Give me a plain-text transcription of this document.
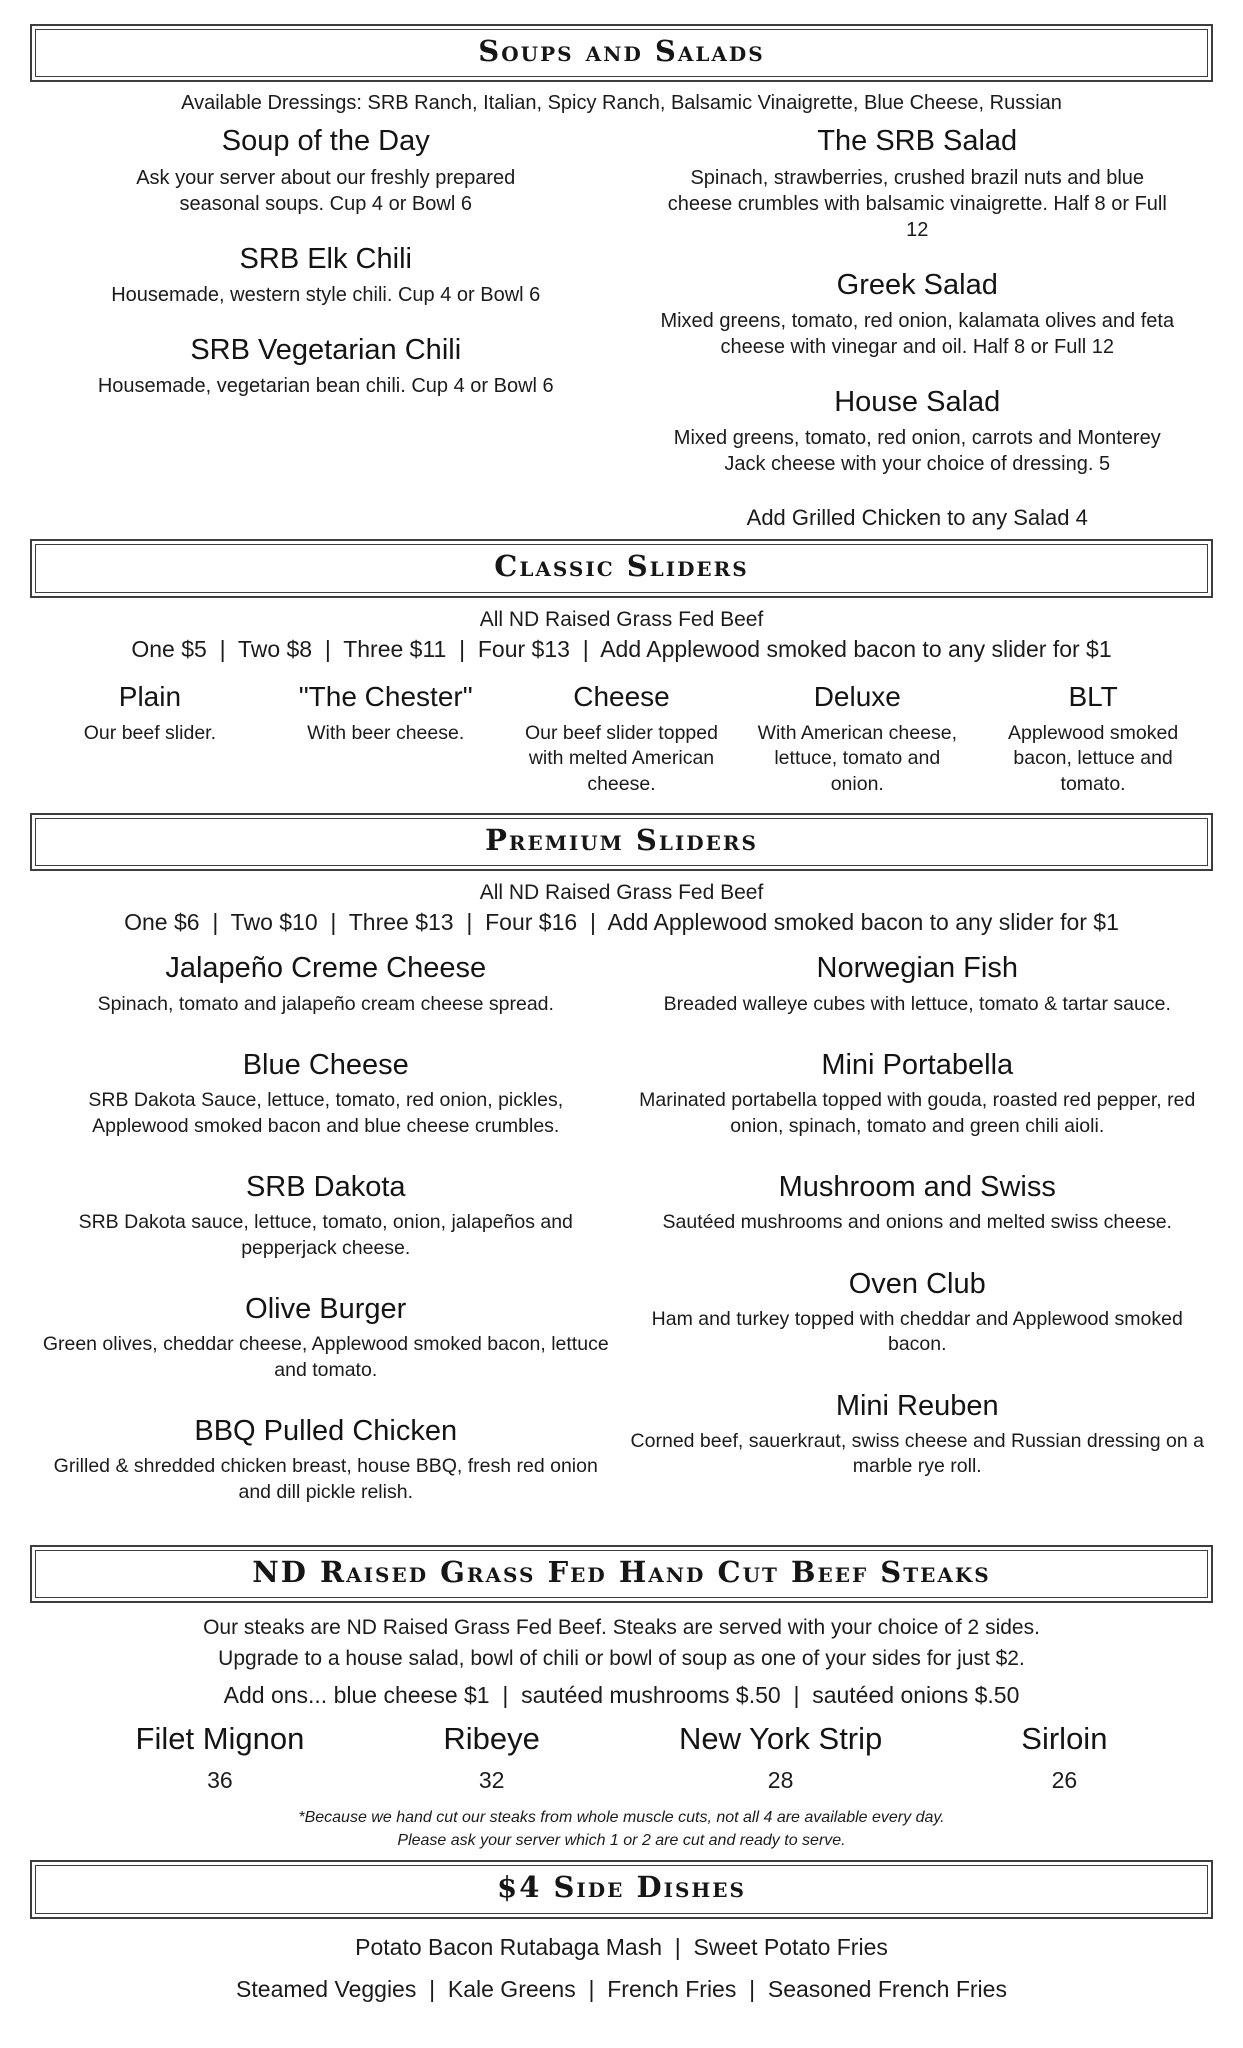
Soups and Salads

Available Dressings: SRB Ranch, Italian, Spicy Ranch, Balsamic Vinaigrette, Blue Cheese, Russian

Soup of the Day

Ask your server about our freshly prepared seasonal soups. Cup 4 or Bowl 6

SRB Elk Chili

Housemade, western style chili. Cup 4 or Bowl 6

SRB Vegetarian Chili

Housemade, vegetarian bean chili. Cup 4 or Bowl 6

The SRB Salad

Spinach, strawberries, crushed brazil nuts and blue cheese crumbles with balsamic vinaigrette. Half 8 or Full 12

Greek Salad

Mixed greens, tomato, red onion, kalamata olives and feta cheese with vinegar and oil. Half 8 or Full 12

House Salad

Mixed greens, tomato, red onion, carrots and Monterey Jack cheese with your choice of dressing. 5

Add Grilled Chicken to any Salad 4

Classic Sliders

All ND Raised Grass Fed Beef

One $5  |  Two $8  |  Three $11  |  Four $13  |  Add Applewood smoked bacon to any slider for $1

Plain

Our beef slider.

"The Chester"

With beer cheese.

Cheese

Our beef slider topped with melted American cheese.

Deluxe

With American cheese, lettuce, tomato and onion.

BLT

Applewood smoked bacon, lettuce and tomato.

Premium Sliders

All ND Raised Grass Fed Beef

One $6  |  Two $10  |  Three $13  |  Four $16  |  Add Applewood smoked bacon to any slider for $1

Jalapeño Creme Cheese

Spinach, tomato and jalapeño cream cheese spread.

Blue Cheese

SRB Dakota Sauce, lettuce, tomato, red onion, pickles, Applewood smoked bacon and blue cheese crumbles.

SRB Dakota

SRB Dakota sauce, lettuce, tomato, onion, jalapeños and pepperjack cheese.

Olive Burger

Green olives, cheddar cheese, Applewood smoked bacon, lettuce and tomato.

BBQ Pulled Chicken

Grilled & shredded chicken breast, house BBQ, fresh red onion and dill pickle relish.

Norwegian Fish

Breaded walleye cubes with lettuce, tomato & tartar sauce.

Mini Portabella

Marinated portabella topped with gouda, roasted red pepper, red onion, spinach, tomato and green chili aioli.

Mushroom and Swiss

Sautéed mushrooms and onions and melted swiss cheese.

Oven Club

Ham and turkey topped with cheddar and Applewood smoked bacon.

Mini Reuben

Corned beef, sauerkraut, swiss cheese and Russian dressing on a marble rye roll.

ND Raised Grass Fed Hand Cut Beef Steaks

Our steaks are ND Raised Grass Fed Beef. Steaks are served with your choice of 2 sides.

Upgrade to a house salad, bowl of chili or bowl of soup as one of your sides for just $2.

Add ons... blue cheese $1  |  sautéed mushrooms $.50  |  sautéed onions $.50

Filet Mignon
36
Ribeye
32
New York Strip
28
Sirloin
26

*Because we hand cut our steaks from whole muscle cuts, not all 4 are available every day.

Please ask your server which 1 or 2 are cut and ready to serve.

$4 Side Dishes

Potato Bacon Rutabaga Mash  |  Sweet Potato Fries

Steamed Veggies  |  Kale Greens  |  French Fries  |  Seasoned French Fries
